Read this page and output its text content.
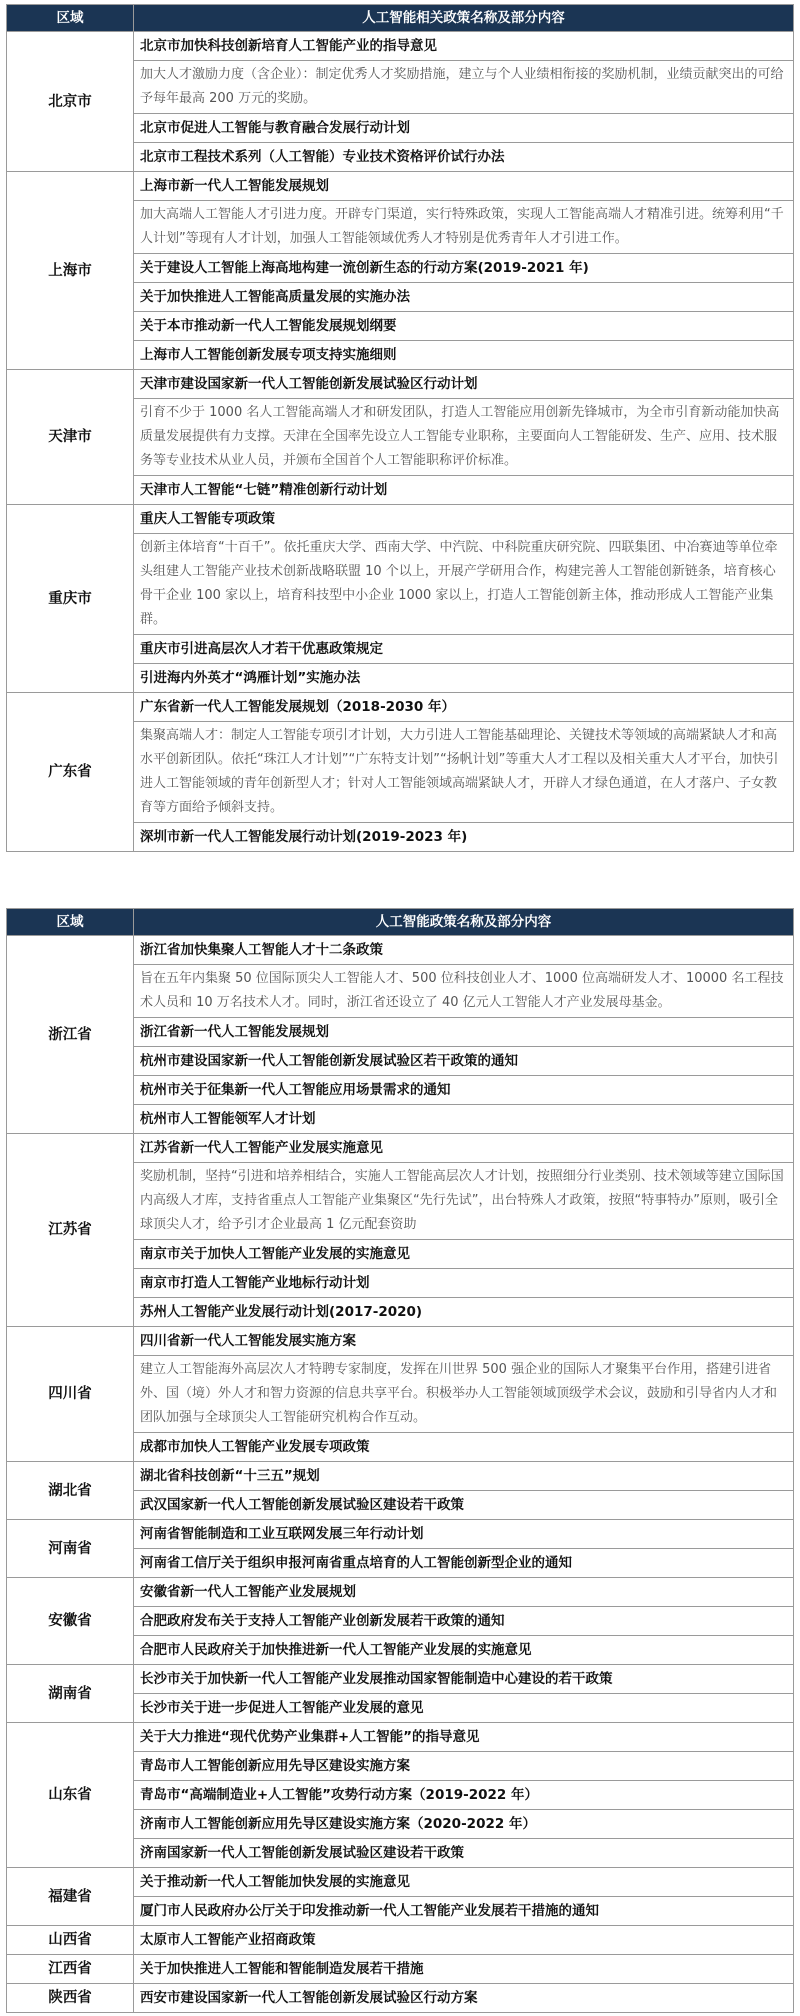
区域	人工智能相关政策名称及部分内容
北京市	北京市加快科技创新培育人工智能产业的指导意见
	加大人才激励力度（含企业）：制定优秀人才奖励措施，建立与个人业绩相衔接的奖励机制，业绩贡献突出的可给予每年最高 200 万元的奖励。
	北京市促进人工智能与教育融合发展行动计划
	北京市工程技术系列（人工智能）专业技术资格评价试行办法
上海市	上海市新一代人工智能发展规划
	加大高端人工智能人才引进力度。开辟专门渠道，实行特殊政策，实现人工智能高端人才精准引进。统筹利用“千人计划”等现有人才计划，加强人工智能领域优秀人才特别是优秀青年人才引进工作。
	关于建设人工智能上海高地构建一流创新生态的行动方案(2019-2021 年)
	关于加快推进人工智能高质量发展的实施办法
	关于本市推动新一代人工智能发展规划纲要
	上海市人工智能创新发展专项支持实施细则
天津市	天津市建设国家新一代人工智能创新发展试验区行动计划
	引育不少于 1000 名人工智能高端人才和研发团队，打造人工智能应用创新先锋城市，为全市引育新动能加快高质量发展提供有力支撑。天津在全国率先设立人工智能专业职称，主要面向人工智能研发、生产、应用、技术服务等专业技术从业人员，并颁布全国首个人工智能职称评价标准。
	天津市人工智能“七链”精准创新行动计划
重庆市	重庆人工智能专项政策
	创新主体培育“十百千”。依托重庆大学、西南大学、中汽院、中科院重庆研究院、四联集团、中冶赛迪等单位牵头组建人工智能产业技术创新战略联盟 10 个以上，开展产学研用合作，构建完善人工智能创新链条，培育核心骨干企业 100 家以上，培育科技型中小企业 1000 家以上，打造人工智能创新主体，推动形成人工智能产业集群。
	重庆市引进高层次人才若干优惠政策规定
	引进海内外英才“鸿雁计划”实施办法
广东省	广东省新一代人工智能发展规划（2018-2030 年）
	集聚高端人才：制定人工智能专项引才计划，大力引进人工智能基础理论、关键技术等领域的高端紧缺人才和高水平创新团队。依托“珠江人才计划”“广东特支计划”“扬帆计划”等重大人才工程以及相关重大人才平台，加快引进人工智能领域的青年创新型人才；针对人工智能领域高端紧缺人才，开辟人才绿色通道，在人才落户、子女教育等方面给予倾斜支持。
	深圳市新一代人工智能发展行动计划(2019-2023 年)
区域	人工智能政策名称及部分内容
浙江省	浙江省加快集聚人工智能人才十二条政策
	旨在五年内集聚 50 位国际顶尖人工智能人才、500 位科技创业人才、1000 位高端研发人才、10000 名工程技术人员和 10 万名技术人才。同时，浙江省还设立了 40 亿元人工智能人才产业发展母基金。
	浙江省新一代人工智能发展规划
	杭州市建设国家新一代人工智能创新发展试验区若干政策的通知
	杭州市关于征集新一代人工智能应用场景需求的通知
	杭州市人工智能领军人才计划
江苏省	江苏省新一代人工智能产业发展实施意见
	奖励机制，坚持“引进和培养相结合，实施人工智能高层次人才计划，按照细分行业类别、技术领域等建立国际国内高级人才库，支持省重点人工智能产业集聚区“先行先试”，出台特殊人才政策，按照“特事特办”原则，吸引全球顶尖人才，给予引才企业最高 1 亿元配套资助
	南京市关于加快人工智能产业发展的实施意见
	南京市打造人工智能产业地标行动计划
	苏州人工智能产业发展行动计划(2017-2020)
四川省	四川省新一代人工智能发展实施方案
	建立人工智能海外高层次人才特聘专家制度，发挥在川世界 500 强企业的国际人才聚集平台作用，搭建引进省外、国（境）外人才和智力资源的信息共享平台。积极举办人工智能领域顶级学术会议，鼓励和引导省内人才和团队加强与全球顶尖人工智能研究机构合作互动。
	成都市加快人工智能产业发展专项政策
湖北省	湖北省科技创新“十三五”规划
	武汉国家新一代人工智能创新发展试验区建设若干政策
河南省	河南省智能制造和工业互联网发展三年行动计划
	河南省工信厅关于组织申报河南省重点培育的人工智能创新型企业的通知
安徽省	安徽省新一代人工智能产业发展规划
	合肥政府发布关于支持人工智能产业创新发展若干政策的通知
	合肥市人民政府关于加快推进新一代人工智能产业发展的实施意见
湖南省	长沙市关于加快新一代人工智能产业发展推动国家智能制造中心建设的若干政策
	长沙市关于进一步促进人工智能产业发展的意见
山东省	关于大力推进“现代优势产业集群+人工智能”的指导意见
	青岛市人工智能创新应用先导区建设实施方案
	青岛市“高端制造业+人工智能”攻势行动方案（2019-2022 年）
	济南市人工智能创新应用先导区建设实施方案（2020-2022 年）
	济南国家新一代人工智能创新发展试验区建设若干政策
福建省	关于推动新一代人工智能加快发展的实施意见
	厦门市人民政府办公厅关于印发推动新一代人工智能产业发展若干措施的通知
山西省	太原市人工智能产业招商政策
江西省	关于加快推进人工智能和智能制造发展若干措施
陕西省	西安市建设国家新一代人工智能创新发展试验区行动方案
